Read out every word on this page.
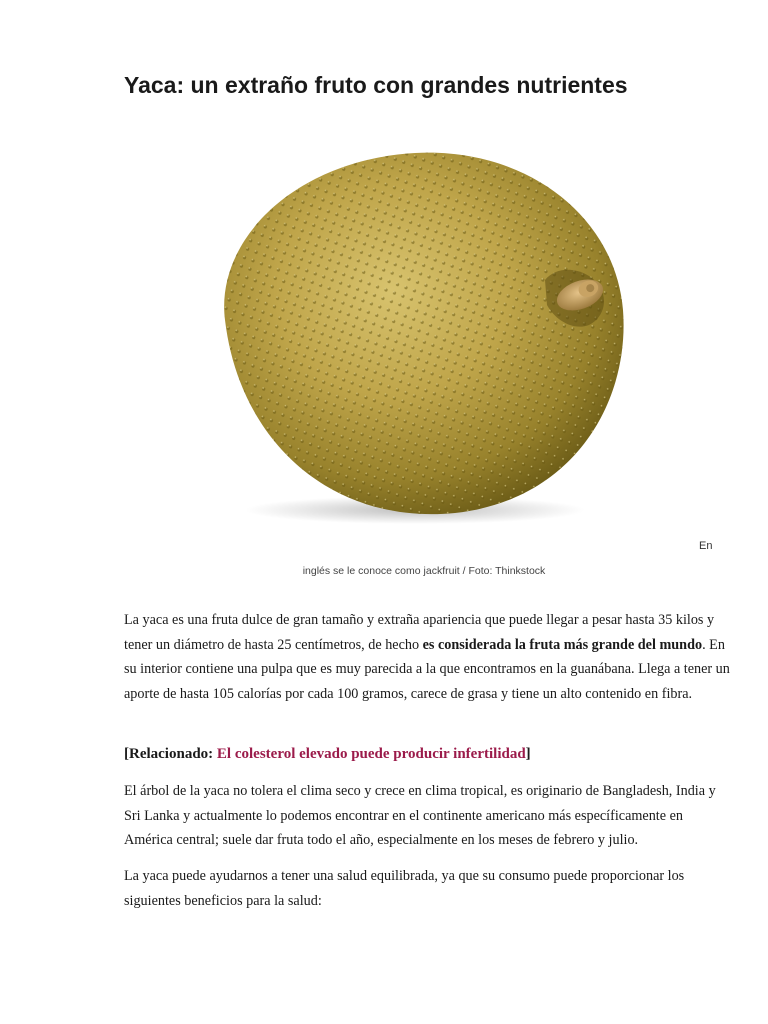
Yaca: un extraño fruto con grandes nutrientes
En
inglés se le conoce como jackfruit / Foto: Thinkstock

La yaca es una fruta dulce de gran tamaño y extraña apariencia que puede llegar a pesar hasta 35 kilos y tener un diámetro de hasta 25 centímetros, de hecho es considerada la fruta más grande del mundo. En su interior contiene una pulpa que es muy parecida a la que encontramos en la guanábana. Llega a tener un aporte de hasta 105 calorías por cada 100 gramos, carece de grasa y tiene un alto contenido en fibra.

[Relacionado: El colesterol elevado puede producir infertilidad]

El árbol de la yaca no tolera el clima seco y crece en clima tropical, es originario de Bangladesh, India y Sri Lanka y actualmente lo podemos encontrar en el continente americano más específicamente en América central; suele dar fruta todo el año, especialmente en los meses de febrero y julio.

La yaca puede ayudarnos a tener una salud equilibrada, ya que su consumo puede proporcionar los siguientes beneficios para la salud:
